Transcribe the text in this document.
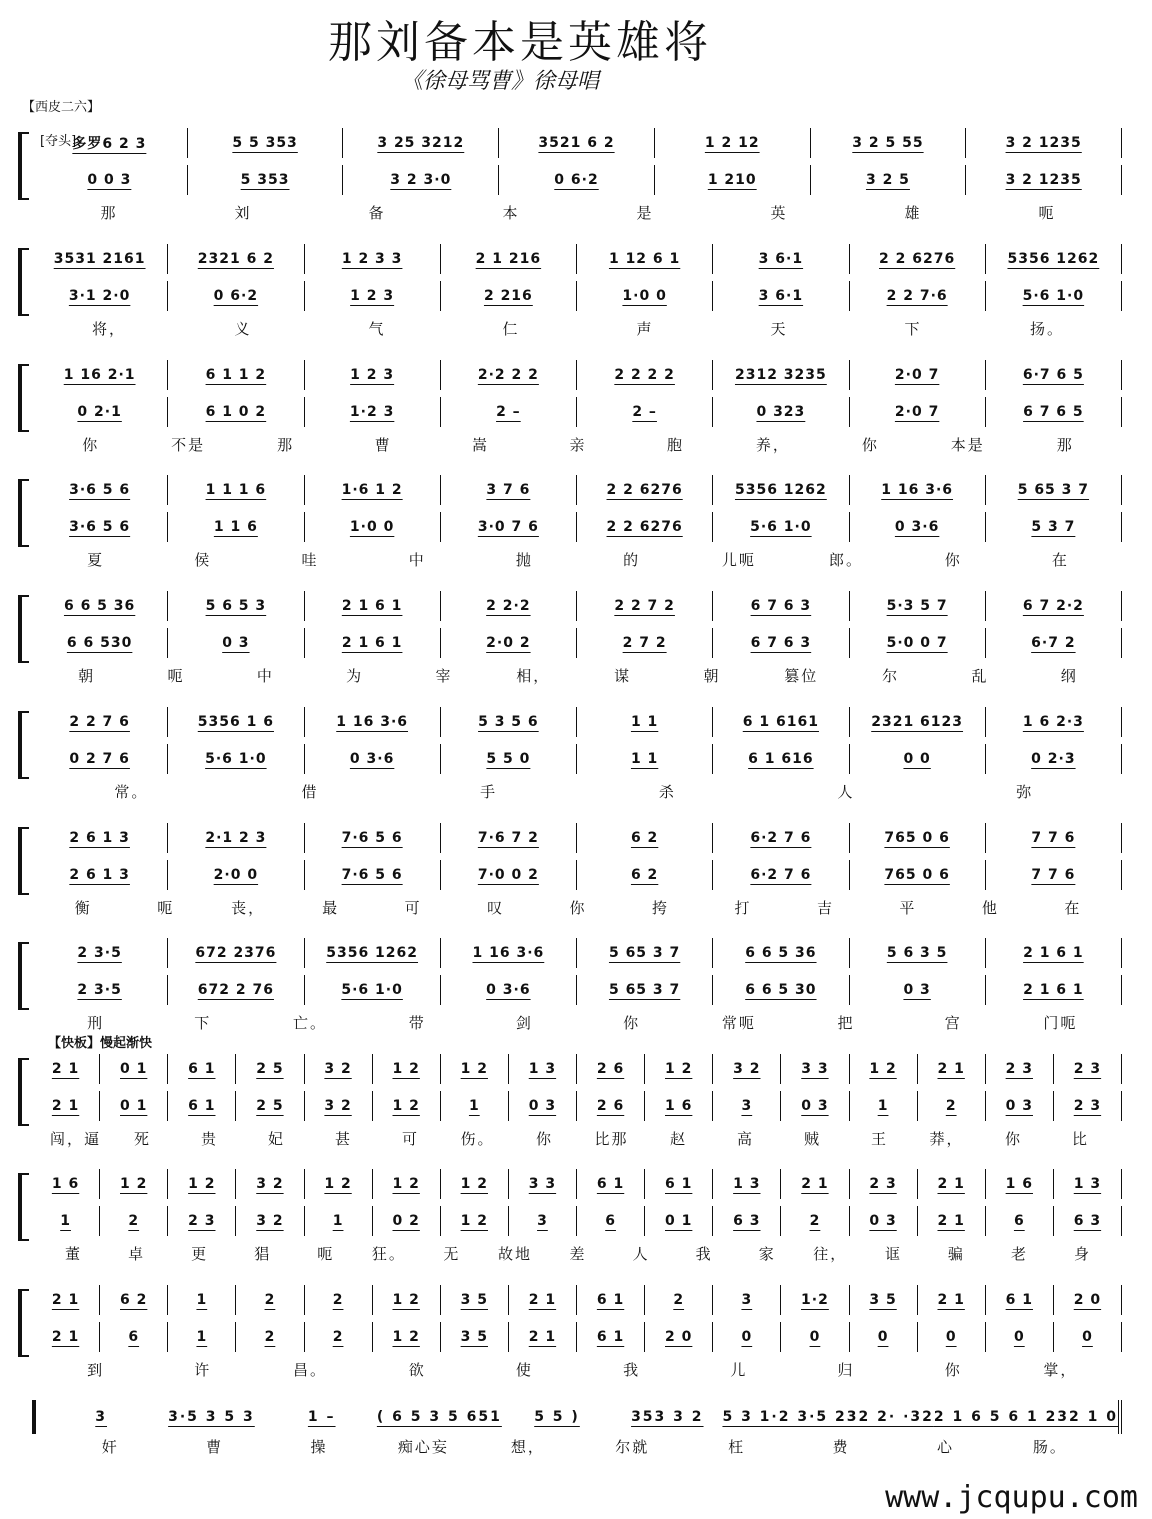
那刘备本是英雄将
《徐母骂曹》徐母唱
【西皮二六】
多罗6 2 3	5 5 353	3 25 3212	3521 6 2	1 2 12	3 2 5 55	3 2 1235
0 0 3	5 353	3 2 3·0	0 6·2	1 210	3 2 5	3 2 1235
那	刘	备	本	是	英	雄	呃
3531 2161	2321 6 2	1 2 3 3	2 1 216	1 12 6 1	3 6·1	2 2 6276	5356 1262
3·1 2·0	0 6·2	1 2 3	2 216	1·0 0	3 6·1	2 2 7·6	5·6 1·0
将，	义	气	仁	声	天	下	扬。
1 16 2·1	6 1 1 2	1 2 3	2·2 2 2	2 2 2 2	2312 3235	2·0 7	6·7 6 5
0 2·1	6 1 0 2	1·2 3	2 –	2 –	0 323	2·0 7	6 7 6 5
你	不是	那	曹	嵩	亲	胞	养，	你	本是	那
3·6 5 6	1 1 1 6	1·6 1 2	3 7 6	2 2 6276	5356 1262	1 16 3·6	5 65 3 7
3·6 5 6	1 1 6	1·0 0	3·0 7 6	2 2 6276	5·6 1·0	0 3·6	5 3 7
夏	侯	哇	中	抛	的	儿呃	郎。	你	在
6 6 5 36	5 6 5 3	2 1 6 1	2 2·2	2 2 7 2	6 7 6 3	5·3 5 7	6 7 2·2
6 6 530	0 3	2 1 6 1	2·0 2	2 7 2	6 7 6 3	5·0 0 7	6·7 2
朝	呃	中	为	宰	相，	谋	朝	篡位	尔	乱	纲
2 2 7 6	5356 1 6	1 16 3·6	5 3 5 6	1 1	6 1 6161	2321 6123	1 6 2·3
0 2 7 6	5·6 1·0	0 3·6	5 5 0	1 1	6 1 616	0 0	0 2·3
常。	借	手	杀	人	弥
2 6 1 3	2·1 2 3	7·6 5 6	7·6 7 2	6 2	6·2 7 6	765 0 6	7 7 6
2 6 1 3	2·0 0	7·6 5 6	7·0 0 2	6 2	6·2 7 6	765 0 6	7 7 6
衡	呃	丧，	最	可	叹	你	挎	打	吉	平	他	在
2 3·5	672 2376	5356 1262	1 16 3·6	5 65 3 7	6 6 5 36	5 6 3 5	2 1 6 1
2 3·5	672 2 76	5·6 1·0	0 3·6	5 65 3 7	6 6 5 30	0 3	2 1 6 1
刑	下	亡。	带	剑	你	常呃	把	宫	门呃
2 1	0 1	6 1	2 5	3 2	1 2	1 2	1 3	2 6	1 2	3 2	3 3	1 2	2 1	2 3	2 3
2 1	0 1	6 1	2 5	3 2	1 2	1	0 3	2 6	1 6	3	0 3	1	2	0 3	2 3
闯，逼	死	贵	妃	甚	可	伤。	你	比那	赵	高	贼	王	莽，	你	比
1 6	1 2	1 2	3 2	1 2	1 2	1 2	3 3	6 1	6 1	1 3	2 1	2 3	2 1	1 6	1 3
1	2	2 3	3 2	1	0 2	1 2	3	6	0 1	6 3	2	0 3	2 1	6	6 3
董	卓	更	猖	呃	狂。	无	故地	差	人	我	家	往，	诓	骗	老	身
2 1	6 2	1	2	2	1 2	3 5	2 1	6 1	2	3	1·2	3 5	2 1	6 1	2 0
2 1	6	1	2	2	1 2	3 5	2 1	6 1	2 0	0	0	0	0	0	0
到	许	昌。	欲	使	我	儿	归	你	掌，
[夺头]
【快板】慢起渐快
3	3·5 3 5 3	1 –	( 6 5 3 5 651	5 5 )	353 3 2	5 3 1·2 3·5 232 2· ·32 2 1 6 5 6 1 232 1 0
奸	曹	操	痴心妄	想，	尔就	枉	费	心	肠。
www.jcqupu.com
